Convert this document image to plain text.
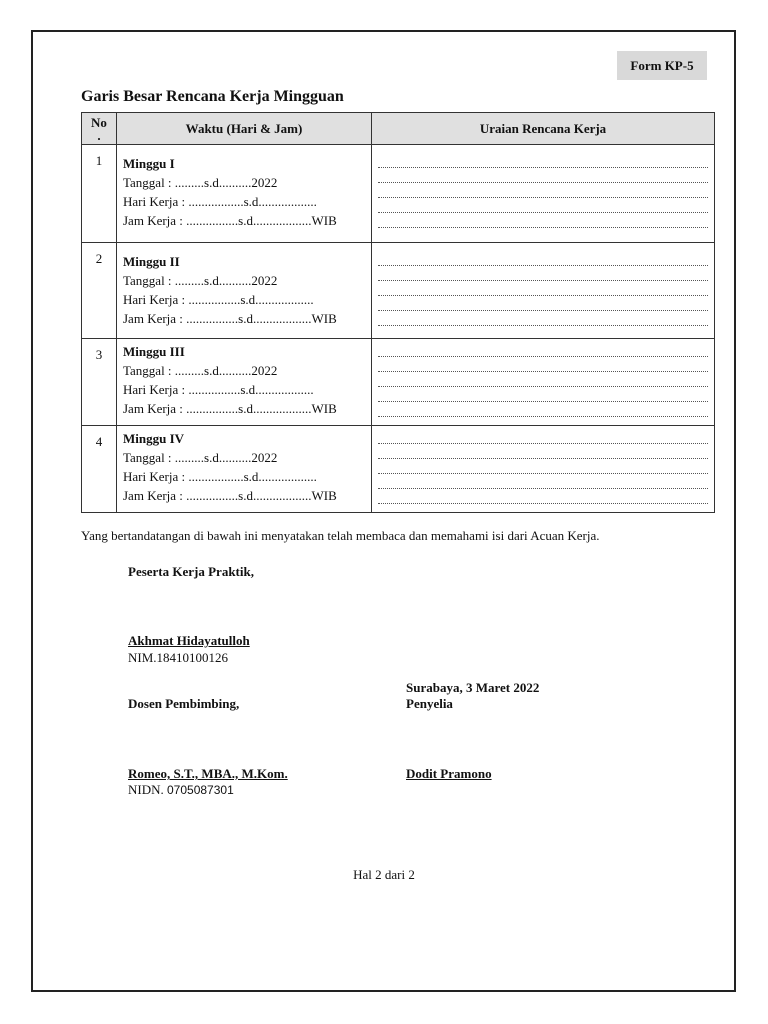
Form KP-5
Garis Besar Rencana Kerja Mingguan
No
.	Waktu (Hari & Jam)	Uraian Rencana Kerja
1	Minggu I
Tanggal : .........s.d..........2022
Hari Kerja : .................s.d..................
Jam Kerja : ................s.d..................WIB	

2	Minggu II
Tanggal : .........s.d..........2022
Hari Kerja : ................s.d..................
Jam Kerja : ................s.d..................WIB	

3	Minggu III
Tanggal : .........s.d..........2022
Hari Kerja : ................s.d..................
Jam Kerja : ................s.d..................WIB	

4	Minggu IV
Tanggal : .........s.d..........2022
Hari Kerja : .................s.d..................
Jam Kerja : ................s.d..................WIB	

Yang bertandatangan di bawah ini menyatakan telah membaca dan memahami isi dari Acuan Kerja.
Peserta Kerja Praktik,
Akhmat Hidayatulloh
NIM.18410100126
Surabaya, 3 Maret 2022
Penyelia
Dosen Pembimbing,
Romeo, S.T., MBA., M.Kom.
NIDN. 0705087301
Dodit Pramono
Hal 2 dari 2
